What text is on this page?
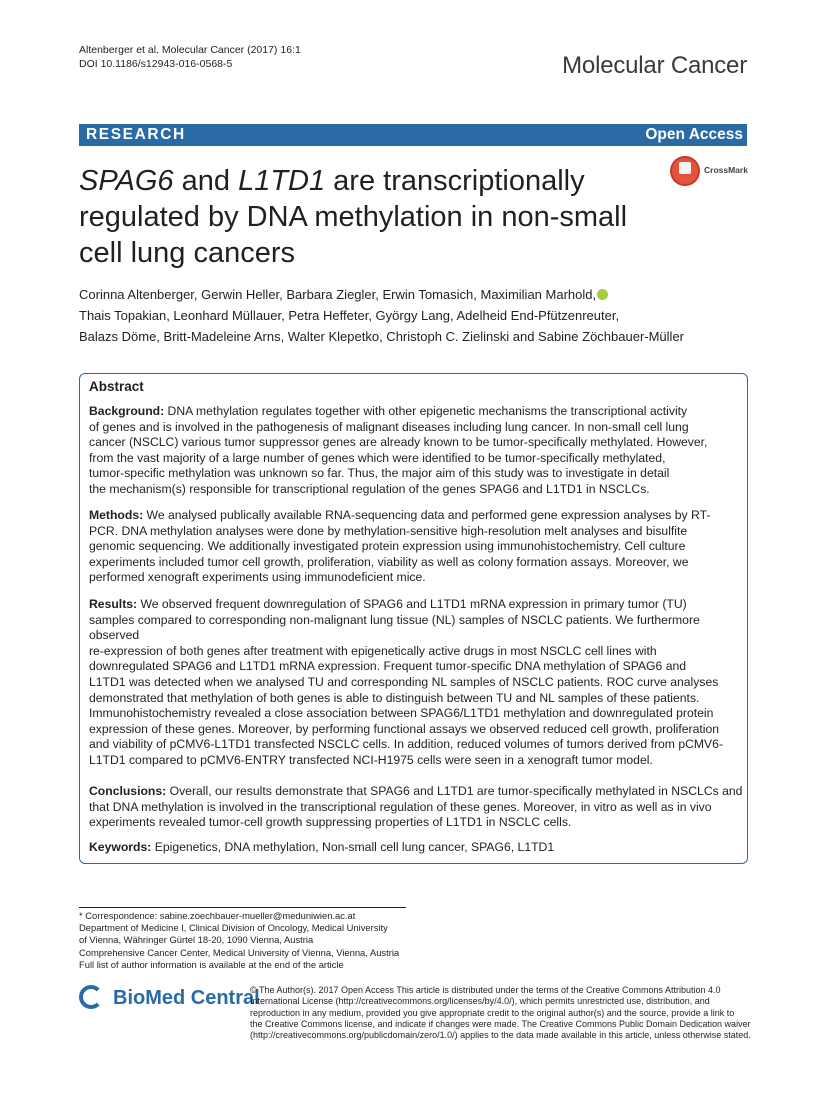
Altenberger et al. Molecular Cancer (2017) 16:1
DOI 10.1186/s12943-016-0568-5	Molecular Cancer
RESEARCH	Open Access
CrossMark
SPAG6 and L1TD1 are transcriptionally
regulated by DNA methylation in non-small
cell lung cancers
Corinna Altenberger, Gerwin Heller, Barbara Ziegler, Erwin Tomasich, Maximilian Marhold,
Thais Topakian, Leonhard Müllauer, Petra Heffeter, György Lang, Adelheid End-Pfützenreuter,
Balazs Döme, Britt-Madeleine Arns, Walter Klepetko, Christoph C. Zielinski and Sabine Zöchbauer-Müller
Abstract
Background: DNA methylation regulates together with other epigenetic mechanisms the transcriptional activity
of genes and is involved in the pathogenesis of malignant diseases including lung cancer. In non-small cell lung
cancer (NSCLC) various tumor suppressor genes are already known to be tumor-specifically methylated. However,
from the vast majority of a large number of genes which were identified to be tumor-specifically methylated,
tumor-specific methylation was unknown so far. Thus, the major aim of this study was to investigate in detail
the mechanism(s) responsible for transcriptional regulation of the genes SPAG6 and L1TD1 in NSCLCs.
Methods: We analysed publically available RNA-sequencing data and performed gene expression analyses by RT-
PCR. DNA methylation analyses were done by methylation-sensitive high-resolution melt analyses and bisulfite
genomic sequencing. We additionally investigated protein expression using immunohistochemistry. Cell culture
experiments included tumor cell growth, proliferation, viability as well as colony formation assays. Moreover, we
performed xenograft experiments using immunodeficient mice.
Results: We observed frequent downregulation of SPAG6 and L1TD1 mRNA expression in primary tumor (TU)
samples compared to corresponding non-malignant lung tissue (NL) samples of NSCLC patients. We furthermore
observed
re-expression of both genes after treatment with epigenetically active drugs in most NSCLC cell lines with
downregulated SPAG6 and L1TD1 mRNA expression. Frequent tumor-specific DNA methylation of SPAG6 and
L1TD1 was detected when we analysed TU and corresponding NL samples of NSCLC patients. ROC curve analyses
demonstrated that methylation of both genes is able to distinguish between TU and NL samples of these patients.
Immunohistochemistry revealed a close association between SPAG6/L1TD1 methylation and downregulated protein
expression of these genes. Moreover, by performing functional assays we observed reduced cell growth, proliferation
and viability of pCMV6-L1TD1 transfected NSCLC cells. In addition, reduced volumes of tumors derived from pCMV6-
L1TD1 compared to pCMV6-ENTRY transfected NCI-H1975 cells were seen in a xenograft tumor model.
Conclusions: Overall, our results demonstrate that SPAG6 and L1TD1 are tumor-specifically methylated in NSCLCs and
that DNA methylation is involved in the transcriptional regulation of these genes. Moreover, in vitro as well as in vivo
experiments revealed tumor-cell growth suppressing properties of L1TD1 in NSCLC cells.
Keywords: Epigenetics, DNA methylation, Non-small cell lung cancer, SPAG6, L1TD1
* Correspondence: sabine.zoechbauer-mueller@meduniwien.ac.at
Department of Medicine I, Clinical Division of Oncology, Medical University
of Vienna, Währinger Gürtel 18-20, 1090 Vienna, Austria
Comprehensive Cancer Center, Medical University of Vienna, Vienna, Austria
Full list of author information is available at the end of the article
BioMed Central
© The Author(s). 2017 Open Access This article is distributed under the terms of the Creative Commons Attribution 4.0
International License (http://creativecommons.org/licenses/by/4.0/), which permits unrestricted use, distribution, and
reproduction in any medium, provided you give appropriate credit to the original author(s) and the source, provide a link to
the Creative Commons license, and indicate if changes were made. The Creative Commons Public Domain Dedication waiver
(http://creativecommons.org/publicdomain/zero/1.0/) applies to the data made available in this article, unless otherwise stated.
